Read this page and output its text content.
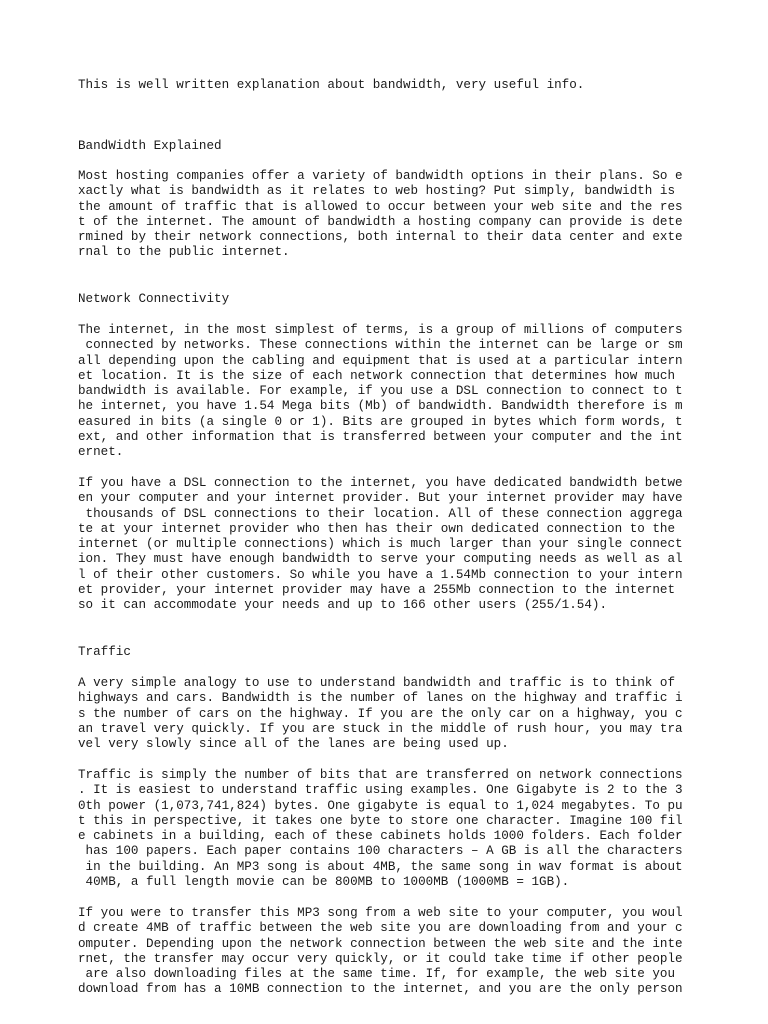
This is well written explanation about bandwidth, very useful info.
BandWidth Explained
Most hosting companies offer a variety of bandwidth options in their plans. So e
xactly what is bandwidth as it relates to web hosting? Put simply, bandwidth is
the amount of traffic that is allowed to occur between your web site and the res
t of the internet. The amount of bandwidth a hosting company can provide is dete
rmined by their network connections, both internal to their data center and exte
rnal to the public internet.
Network Connectivity
The internet, in the most simplest of terms, is a group of millions of computers
connected by networks. These connections within the internet can be large or sm
all depending upon the cabling and equipment that is used at a particular intern
et location. It is the size of each network connection that determines how much
bandwidth is available. For example, if you use a DSL connection to connect to t
he internet, you have 1.54 Mega bits (Mb) of bandwidth. Bandwidth therefore is m
easured in bits (a single 0 or 1). Bits are grouped in bytes which form words, t
ext, and other information that is transferred between your computer and the int
ernet.
If you have a DSL connection to the internet, you have dedicated bandwidth betwe
en your computer and your internet provider. But your internet provider may have
thousands of DSL connections to their location. All of these connection aggrega
te at your internet provider who then has their own dedicated connection to the
internet (or multiple connections) which is much larger than your single connect
ion. They must have enough bandwidth to serve your computing needs as well as al
l of their other customers. So while you have a 1.54Mb connection to your intern
et provider, your internet provider may have a 255Mb connection to the internet
so it can accommodate your needs and up to 166 other users (255/1.54).
Traffic
A very simple analogy to use to understand bandwidth and traffic is to think of
highways and cars. Bandwidth is the number of lanes on the highway and traffic i
s the number of cars on the highway. If you are the only car on a highway, you c
an travel very quickly. If you are stuck in the middle of rush hour, you may tra
vel very slowly since all of the lanes are being used up.
Traffic is simply the number of bits that are transferred on network connections
. It is easiest to understand traffic using examples. One Gigabyte is 2 to the 3
0th power (1,073,741,824) bytes. One gigabyte is equal to 1,024 megabytes. To pu
t this in perspective, it takes one byte to store one character. Imagine 100 fil
e cabinets in a building, each of these cabinets holds 1000 folders. Each folder
has 100 papers. Each paper contains 100 characters – A GB is all the characters
in the building. An MP3 song is about 4MB, the same song in wav format is about
40MB, a full length movie can be 800MB to 1000MB (1000MB = 1GB).
If you were to transfer this MP3 song from a web site to your computer, you woul
d create 4MB of traffic between the web site you are downloading from and your c
omputer. Depending upon the network connection between the web site and the inte
rnet, the transfer may occur very quickly, or it could take time if other people
are also downloading files at the same time. If, for example, the web site you
download from has a 10MB connection to the internet, and you are the only person
